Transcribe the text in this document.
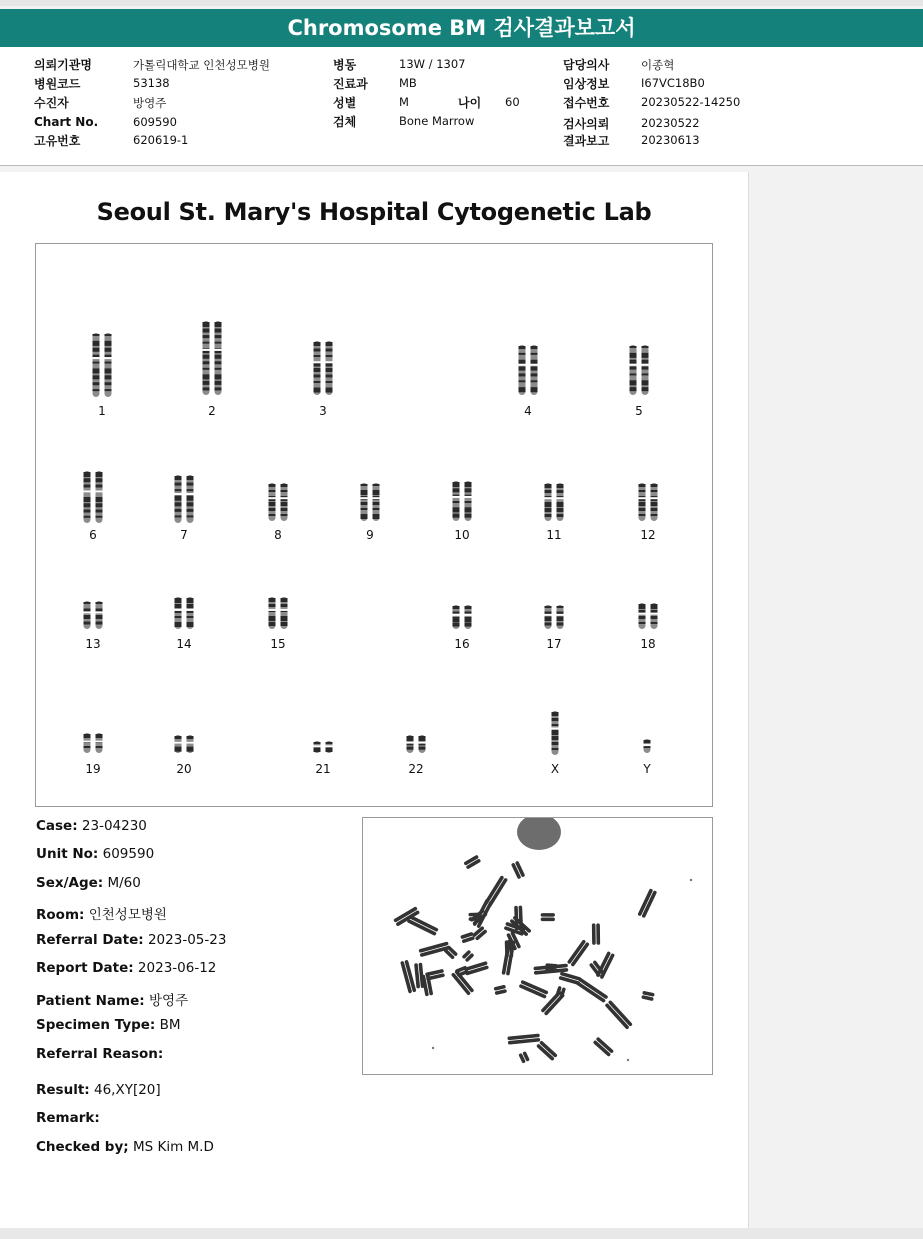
Chromosome BM 검사결과보고서
의뢰기관명	가톨릭대학교 인천성모병원
병원코드	53138
수진자	방영주
Chart No.	609590
고유번호	620619-1
병동	13W / 1307
진료과	MB
성별	M	나이 60
검체	Bone Marrow
담당의사	이종혁
임상정보	I67VC18B0
접수번호	20230522-14250
검사의뢰	20230522
결과보고	20230613
Seoul St. Mary's Hospital Cytogenetic Lab
1	2	3	4	5
6	7	8	9	10	11	12
13	14	15	16	17	18
19	20	21	22	X	Y
Case: 23-04230
Unit No: 609590
Sex/Age: M/60
Room: 인천성모병원
Referral Date: 2023-05-23
Report Date: 2023-06-12
Patient Name: 방영주
Specimen Type: BM
Referral Reason:
Result: 46,XY[20]
Remark:
Checked by; MS Kim M.D
